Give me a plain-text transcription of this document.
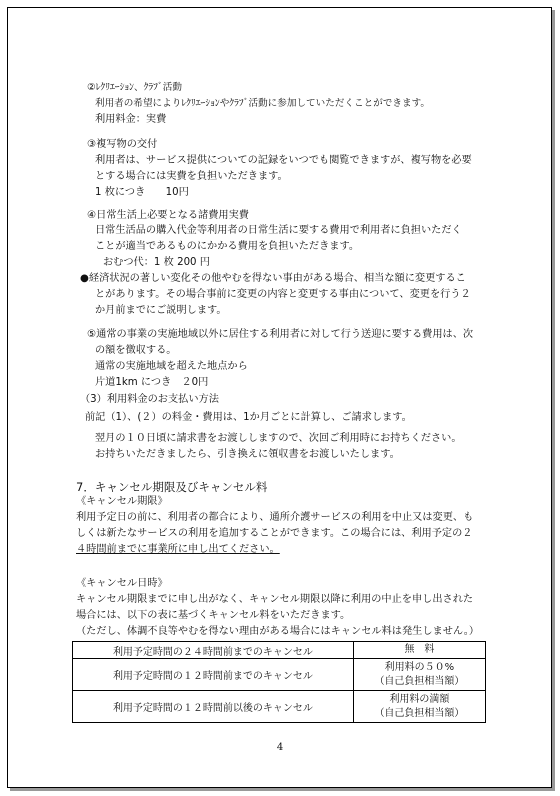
②ﾚｸﾘｴｰｼｮﾝ、ｸﾗﾌﾞ活動
利用者の希望によりﾚｸﾘｴｰｼｮﾝやｸﾗﾌﾞ活動に参加していただくことができます。
利用料金：実費
③複写物の交付
利用者は、サービス提供についての記録をいつでも閲覧できますが、複写物を必要
とする場合には実費を負担いただきます。
1 枚につき　　10円
④日常生活上必要となる諸費用実費
日常生活品の購入代金等利用者の日常生活に要する費用で利用者に負担いただく
ことが適当であるものにかかる費用を負担いただきます。
おむつ代：1 枚 200 円
●経済状況の著しい変化その他やむを得ない事由がある場合、相当な額に変更するこ
とがあります。その場合事前に変更の内容と変更する事由について、変更を行う２
か月前までにご説明します。
⑤通常の事業の実施地域以外に居住する利用者に対して行う送迎に要する費用は、次
の額を徴収する。
通常の実施地域を超えた地点から
片道1km につき　２0円
（3）利用料金のお支払い方法
前記（1）、(２）の料金・費用は、1か月ごとに計算し、ご請求します。
翌月の１０日頃に請求書をお渡ししますので、次回ご利用時にお持ちください。
お持ちいただきましたら、引き換えに領収書をお渡しいたします。
7．キャンセル期限及びキャンセル料
《キャンセル期限》
利用予定日の前に、利用者の都合により、通所介護サービスの利用を中止又は変更、も
しくは新たなサービスの利用を追加することができます。この場合には、利用予定の２
４時間前までに事業所に申し出てください。
《キャンセル日時》
キャンセル期限までに申し出がなく、キャンセル期限以降に利用の中止を申し出された
場合には、以下の表に基づくキャンセル料をいただきます。
（ただし、体調不良等やむを得ない理由がある場合にはキャンセル料は発生しません。）
利用予定時間の２４時間前までのキャンセル	無　料

利用予定時間の１２時間前までのキャンセル	利用料の５０%
（自己負担相当額）

利用予定時間の１２時間前以後のキャンセル	利用料の満額
（自己負担相当額）
4
